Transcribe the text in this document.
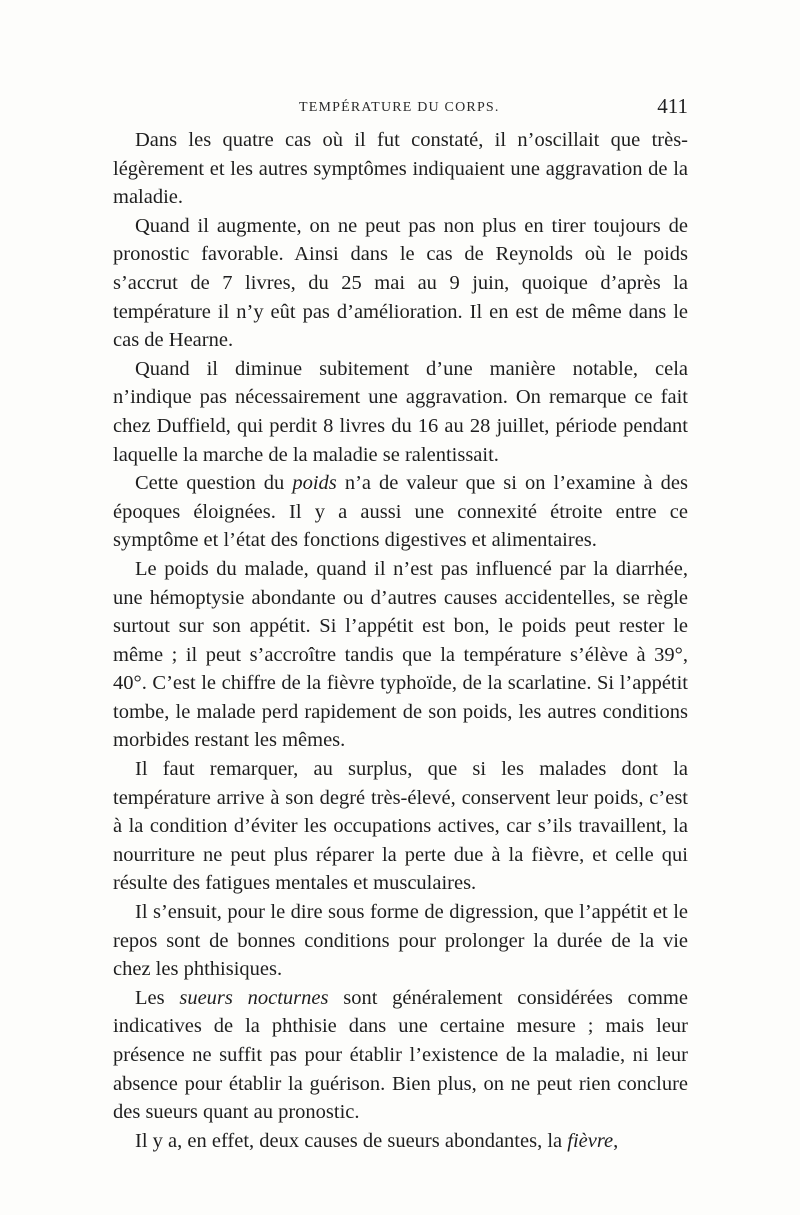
TEMPÉRATURE DU CORPS.	411

Dans les quatre cas où il fut constaté, il n’oscillait que très-légèrement et les autres symptômes indiquaient une aggravation de la maladie.

Quand il augmente, on ne peut pas non plus en tirer toujours de pronostic favorable. Ainsi dans le cas de Reynolds où le poids s’accrut de 7 livres, du 25 mai au 9 juin, quoique d’après la température il n’y eût pas d’amélioration. Il en est de même dans le cas de Hearne.

Quand il diminue subitement d’une manière notable, cela n’indique pas nécessairement une aggravation. On remarque ce fait chez Duffield, qui perdit 8 livres du 16 au 28 juillet, période pendant laquelle la marche de la maladie se ralentissait.

Cette question du poids n’a de valeur que si on l’examine à des époques éloignées. Il y a aussi une connexité étroite entre ce symptôme et l’état des fonctions digestives et alimentaires.

Le poids du malade, quand il n’est pas influencé par la diarrhée, une hémoptysie abondante ou d’autres causes accidentelles, se règle surtout sur son appétit. Si l’appétit est bon, le poids peut rester le même ; il peut s’accroître tandis que la température s’élève à 39°, 40°. C’est le chiffre de la fièvre typhoïde, de la scarlatine. Si l’appétit tombe, le malade perd rapidement de son poids, les autres conditions morbides restant les mêmes.

Il faut remarquer, au surplus, que si les malades dont la température arrive à son degré très-élevé, conservent leur poids, c’est à la condition d’éviter les occupations actives, car s’ils travaillent, la nourriture ne peut plus réparer la perte due à la fièvre, et celle qui résulte des fatigues mentales et musculaires.

Il s’ensuit, pour le dire sous forme de digression, que l’appétit et le repos sont de bonnes conditions pour prolonger la durée de la vie chez les phthisiques.

Les sueurs nocturnes sont généralement considérées comme indicatives de la phthisie dans une certaine mesure ; mais leur présence ne suffit pas pour établir l’existence de la maladie, ni leur absence pour établir la guérison. Bien plus, on ne peut rien conclure des sueurs quant au pronostic.

Il y a, en effet, deux causes de sueurs abondantes, la fièvre,
